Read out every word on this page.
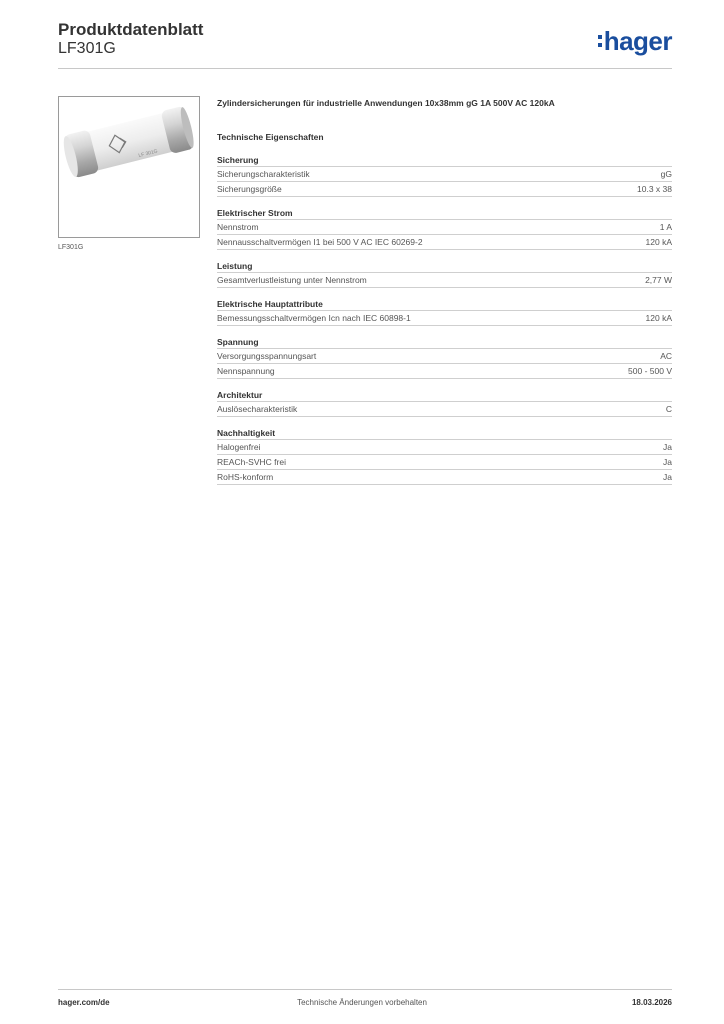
Produktdatenblatt
LF301G	hager
LF 301G
LF301G
Zylindersicherungen für industrielle Anwendungen 10x38mm gG 1A 500V AC 120kA
Technische Eigenschaften
Sicherung
Sicherungscharakteristik	gG
Sicherungsgröße	10.3 x 38
Elektrischer Strom
Nennstrom	1 A
Nennausschaltvermögen I1 bei 500 V AC IEC 60269-2	120 kA
Leistung
Gesamtverlustleistung unter Nennstrom	2,77 W
Elektrische Hauptattribute
Bemessungsschaltvermögen Icn nach IEC 60898-1	120 kA
Spannung
Versorgungsspannungsart	AC
Nennspannung	500 - 500 V
Architektur
Auslösecharakteristik	C
Nachhaltigkeit
Halogenfrei	Ja
REACh-SVHC frei	Ja
RoHS-konform	Ja
hager.com/de	Technische Änderungen vorbehalten	18.03.2026
